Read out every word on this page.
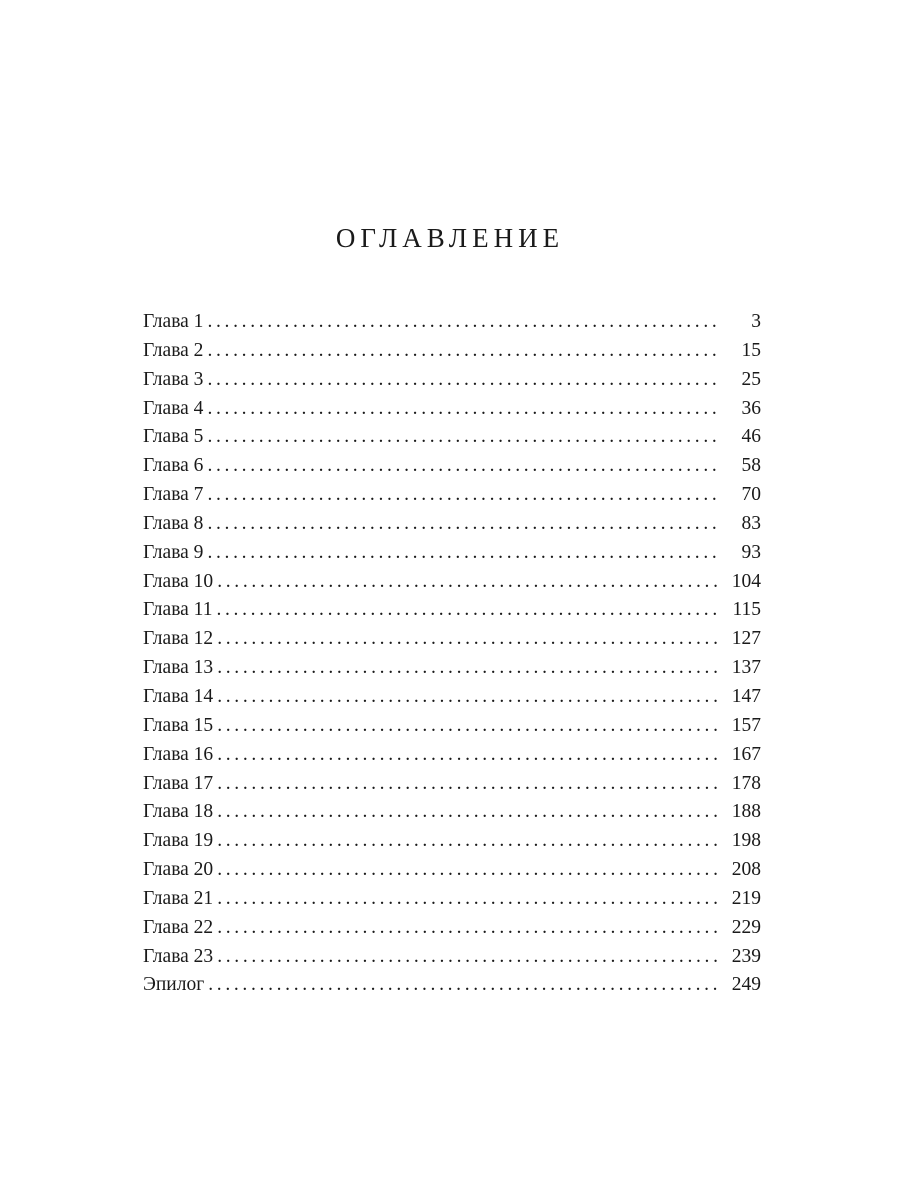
ОГЛАВЛЕНИЕ
Глава 1 . . .	3
Глава 2 . . .	15
Глава 3 . . .	25
Глава 4 . . .	36
Глава 5 . . .	46
Глава 6 . . .	58
Глава 7 . . .	70
Глава 8 . . .	83
Глава 9 . . .	93
Глава 10 . . .	104
Глава 11 . . .	115
Глава 12 . . .	127
Глава 13 . . .	137
Глава 14 . . .	147
Глава 15 . . .	157
Глава 16 . . .	167
Глава 17 . . .	178
Глава 18 . . .	188
Глава 19 . . .	198
Глава 20 . . .	208
Глава 21 . . .	219
Глава 22 . . .	229
Глава 23 . . .	239
Эпилог . . .	249
